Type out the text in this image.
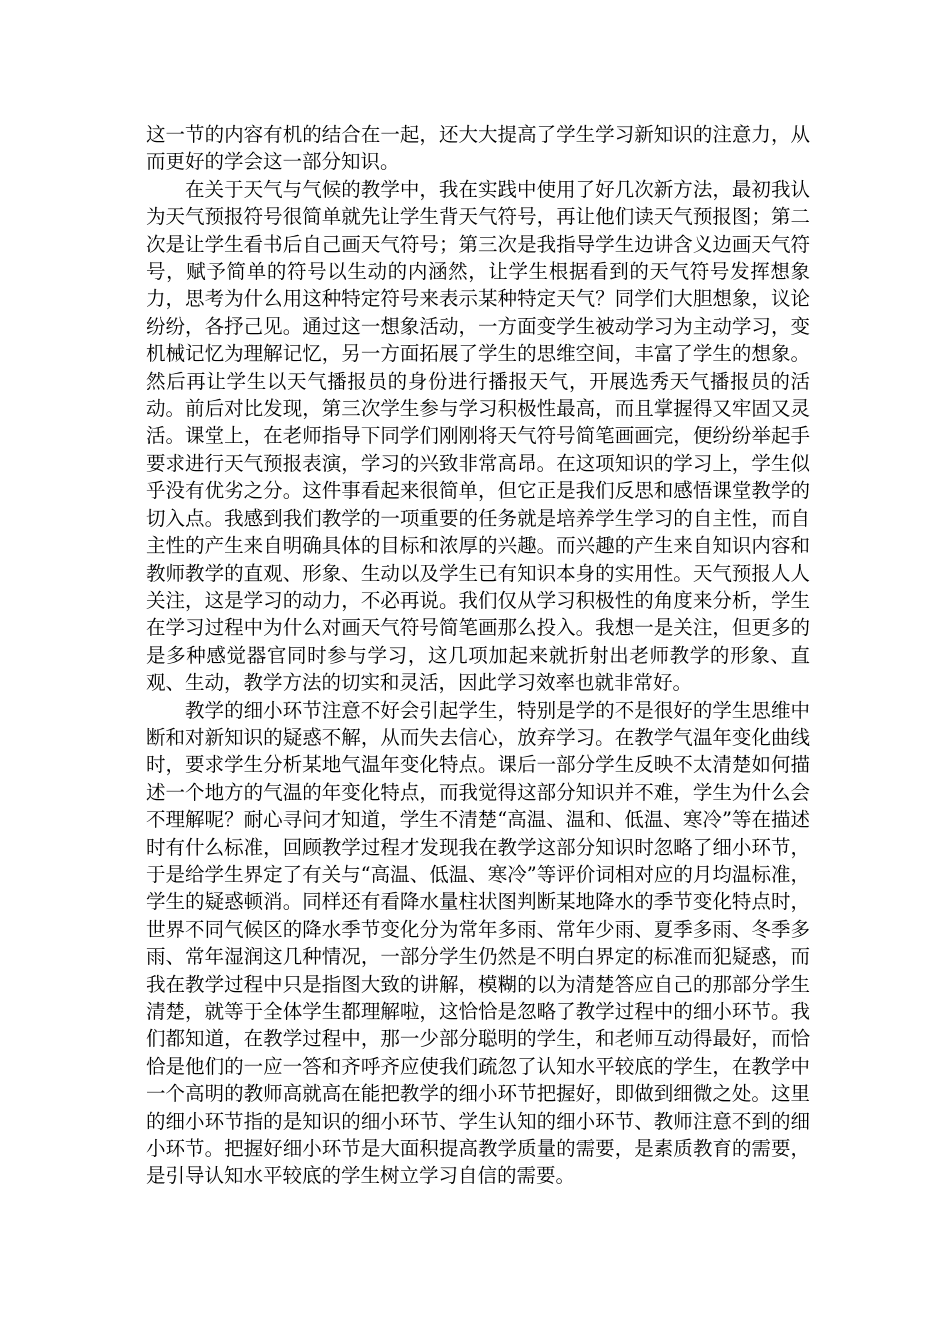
这一节的内容有机的结合在一起，还大大提高了学生学习新知识的注意力，从而更好的学会这一部分知识。

在关于天气与气候的教学中，我在实践中使用了好几次新方法，最初我认为天气预报符号很简单就先让学生背天气符号，再让他们读天气预报图；第二次是让学生看书后自己画天气符号；第三次是我指导学生边讲含义边画天气符号，赋予简单的符号以生动的内涵然，让学生根据看到的天气符号发挥想象力，思考为什么用这种特定符号来表示某种特定天气？同学们大胆想象，议论纷纷，各抒己见。通过这一想象活动，一方面变学生被动学习为主动学习，变机械记忆为理解记忆，另一方面拓展了学生的思维空间，丰富了学生的想象。然后再让学生以天气播报员的身份进行播报天气，开展选秀天气播报员的活动。前后对比发现，第三次学生参与学习积极性最高，而且掌握得又牢固又灵活。课堂上，在老师指导下同学们刚刚将天气符号简笔画画完，便纷纷举起手要求进行天气预报表演，学习的兴致非常高昂。在这项知识的学习上，学生似乎没有优劣之分。这件事看起来很简单，但它正是我们反思和感悟课堂教学的切入点。我感到我们教学的一项重要的任务就是培养学生学习的自主性，而自主性的产生来自明确具体的目标和浓厚的兴趣。而兴趣的产生来自知识内容和教师教学的直观、形象、生动以及学生已有知识本身的实用性。天气预报人人关注，这是学习的动力，不必再说。我们仅从学习积极性的角度来分析，学生在学习过程中为什么对画天气符号简笔画那么投入。我想一是关注，但更多的是多种感觉器官同时参与学习，这几项加起来就折射出老师教学的形象、直观、生动，教学方法的切实和灵活，因此学习效率也就非常好。

教学的细小环节注意不好会引起学生，特别是学的不是很好的学生思维中断和对新知识的疑惑不解，从而失去信心，放弃学习。在教学气温年变化曲线时，要求学生分析某地气温年变化特点。课后一部分学生反映不太清楚如何描述一个地方的气温的年变化特点，而我觉得这部分知识并不难，学生为什么会不理解呢？耐心寻问才知道，学生不清楚“高温、温和、低温、寒冷”等在描述时有什么标准，回顾教学过程才发现我在教学这部分知识时忽略了细小环节，于是给学生界定了有关与“高温、低温、寒冷”等评价词相对应的月均温标准，学生的疑惑顿消。同样还有看降水量柱状图判断某地降水的季节变化特点时，世界不同气候区的降水季节变化分为常年多雨、常年少雨、夏季多雨、冬季多雨、常年湿润这几种情况，一部分学生仍然是不明白界定的标准而犯疑惑，而我在教学过程中只是指图大致的讲解，模糊的以为清楚答应自己的那部分学生清楚，就等于全体学生都理解啦，这恰恰是忽略了教学过程中的细小环节。我们都知道，在教学过程中，那一少部分聪明的学生，和老师互动得最好，而恰恰是他们的一应一答和齐呼齐应使我们疏忽了认知水平较底的学生，在教学中一个高明的教师高就高在能把教学的细小环节把握好，即做到细微之处。这里的细小环节指的是知识的细小环节、学生认知的细小环节、教师注意不到的细小环节。把握好细小环节是大面积提高教学质量的需要，是素质教育的需要，是引导认知水平较底的学生树立学习自信的需要。
